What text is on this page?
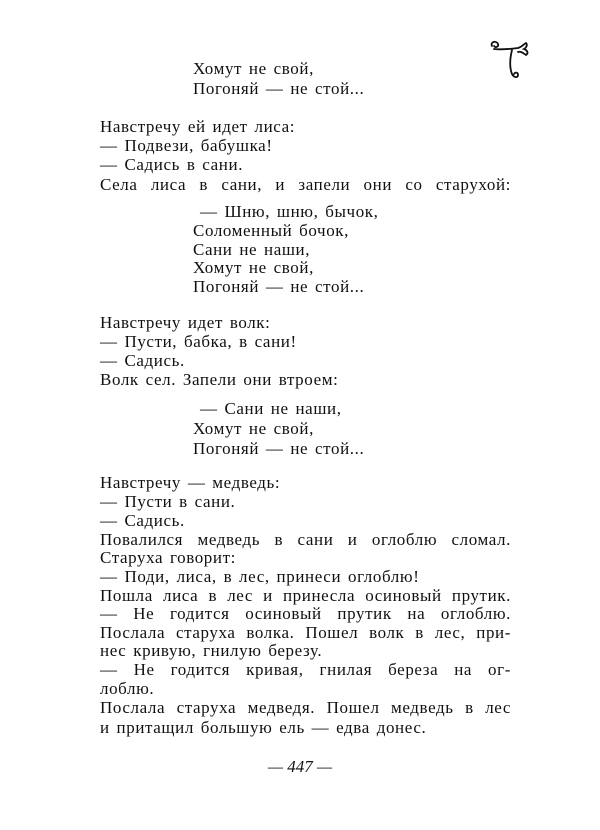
Хомут не свой,
Погоняй — не стой...
Навстречу ей идет лиса:
— Подвези, бабушка!
— Садись в сани.
Села лиса в сани, и запели они со старухой:
— Шню, шню, бычок,
Соломенный бочок,
Сани не наши,
Хомут не свой,
Погоняй — не стой...
Навстречу идет волк:
— Пусти, бабка, в сани!
— Садись.
Волк сел. Запели они втроем:
— Сани не наши,
Хомут не свой,
Погоняй — не стой...
Навстречу — медведь:
— Пусти в сани.
— Садись.
Повалился медведь в сани и оглоблю сломал.
Старуха говорит:
— Поди, лиса, в лес, принеси оглоблю!
Пошла лиса в лес и принесла осиновый прутик.
— Не годится осиновый прутик на оглоблю.
Послала старуха волка. Пошел волк в лес, при-
нес кривую, гнилую березу.
— Не годится кривая, гнилая береза на ог-
лоблю.
Послала старуха медведя. Пошел медведь в лес
и притащил большую ель — едва донес.
— 447 —
